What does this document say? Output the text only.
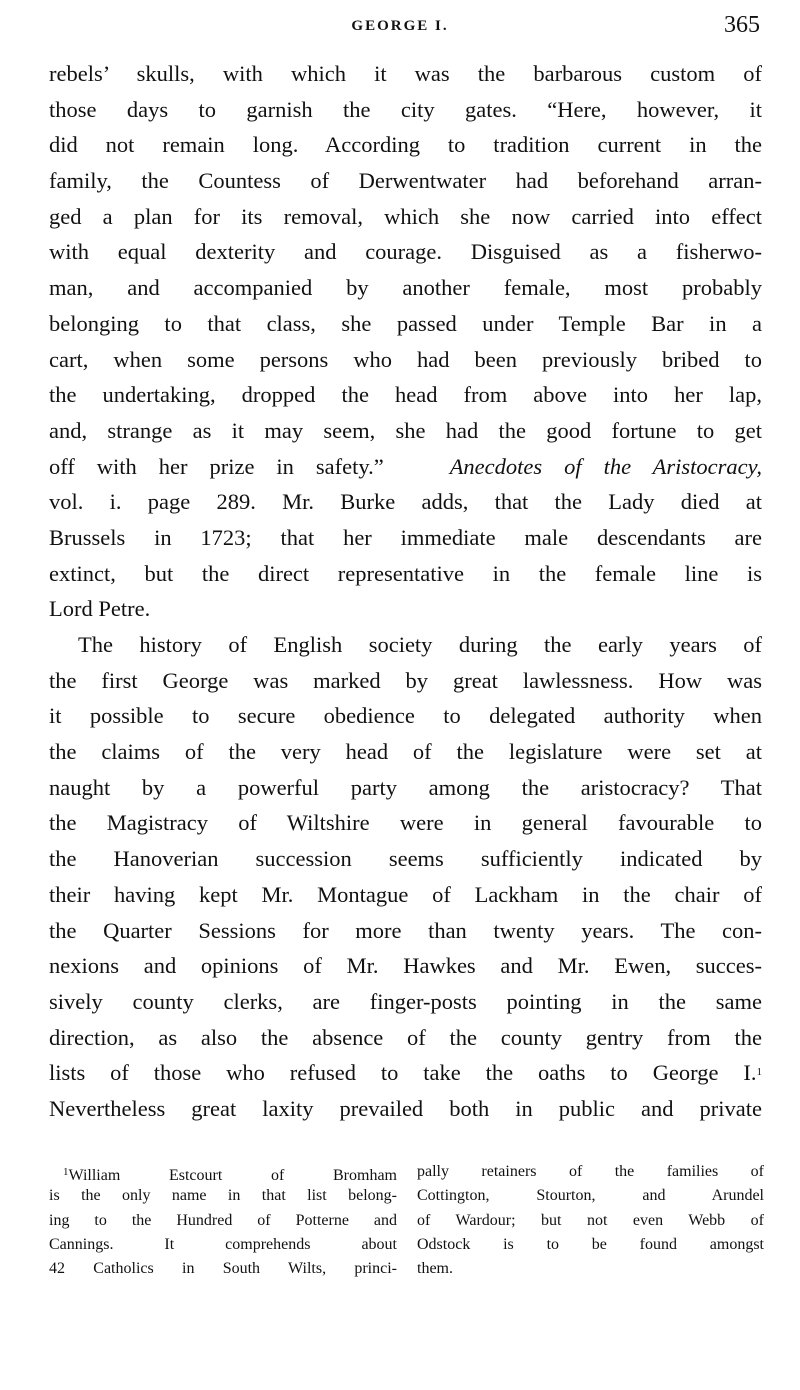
GEORGE I.	365
rebels’ skulls, with which it was the barbarous custom of
those days to garnish the city gates. “Here, however, it
did not remain long. According to tradition current in the
family, the Countess of Derwentwater had beforehand arran-
ged a plan for its removal, which she now carried into effect
with equal dexterity and courage. Disguised as a fisherwo-
man, and accompanied by another female, most probably
belonging to that class, she passed under Temple Bar in a
cart, when some persons who had been previously bribed to
the undertaking, dropped the head from above into her lap,
and, strange as it may seem, she had the good fortune to get
off with her prize in safety.”	Anecdotes of the Aristocracy,
vol. i. page 289. Mr. Burke adds, that the Lady died at
Brussels in 1723; that her immediate male descendants are
extinct, but the direct representative in the female line is
Lord Petre.
The history of English society during the early years of
the first George was marked by great lawlessness. How was
it possible to secure obedience to delegated authority when
the claims of the very head of the legislature were set at
naught by a powerful party among the aristocracy? That
the Magistracy of Wiltshire were in general favourable to
the Hanoverian succession seems sufficiently indicated by
their having kept Mr. Montague of Lackham in the chair of
the Quarter Sessions for more than twenty years. The con-
nexions and opinions of Mr. Hawkes and Mr. Ewen, succes-
sively county clerks, are finger-posts pointing in the same
direction, as also the absence of the county gentry from the
lists of those who refused to take the oaths to George I.$^1$
Nevertheless great laxity prevailed both in public and private
$^1$William Estcourt of Bromham
is the only name in that list belong-
ing to the Hundred of Potterne and
Cannings. It comprehends about
42 Catholics in South Wilts, princi-
pally retainers of the families of
Cottington, Stourton, and Arundel
of Wardour; but not even Webb of
Odstock is to be found amongst
them.
